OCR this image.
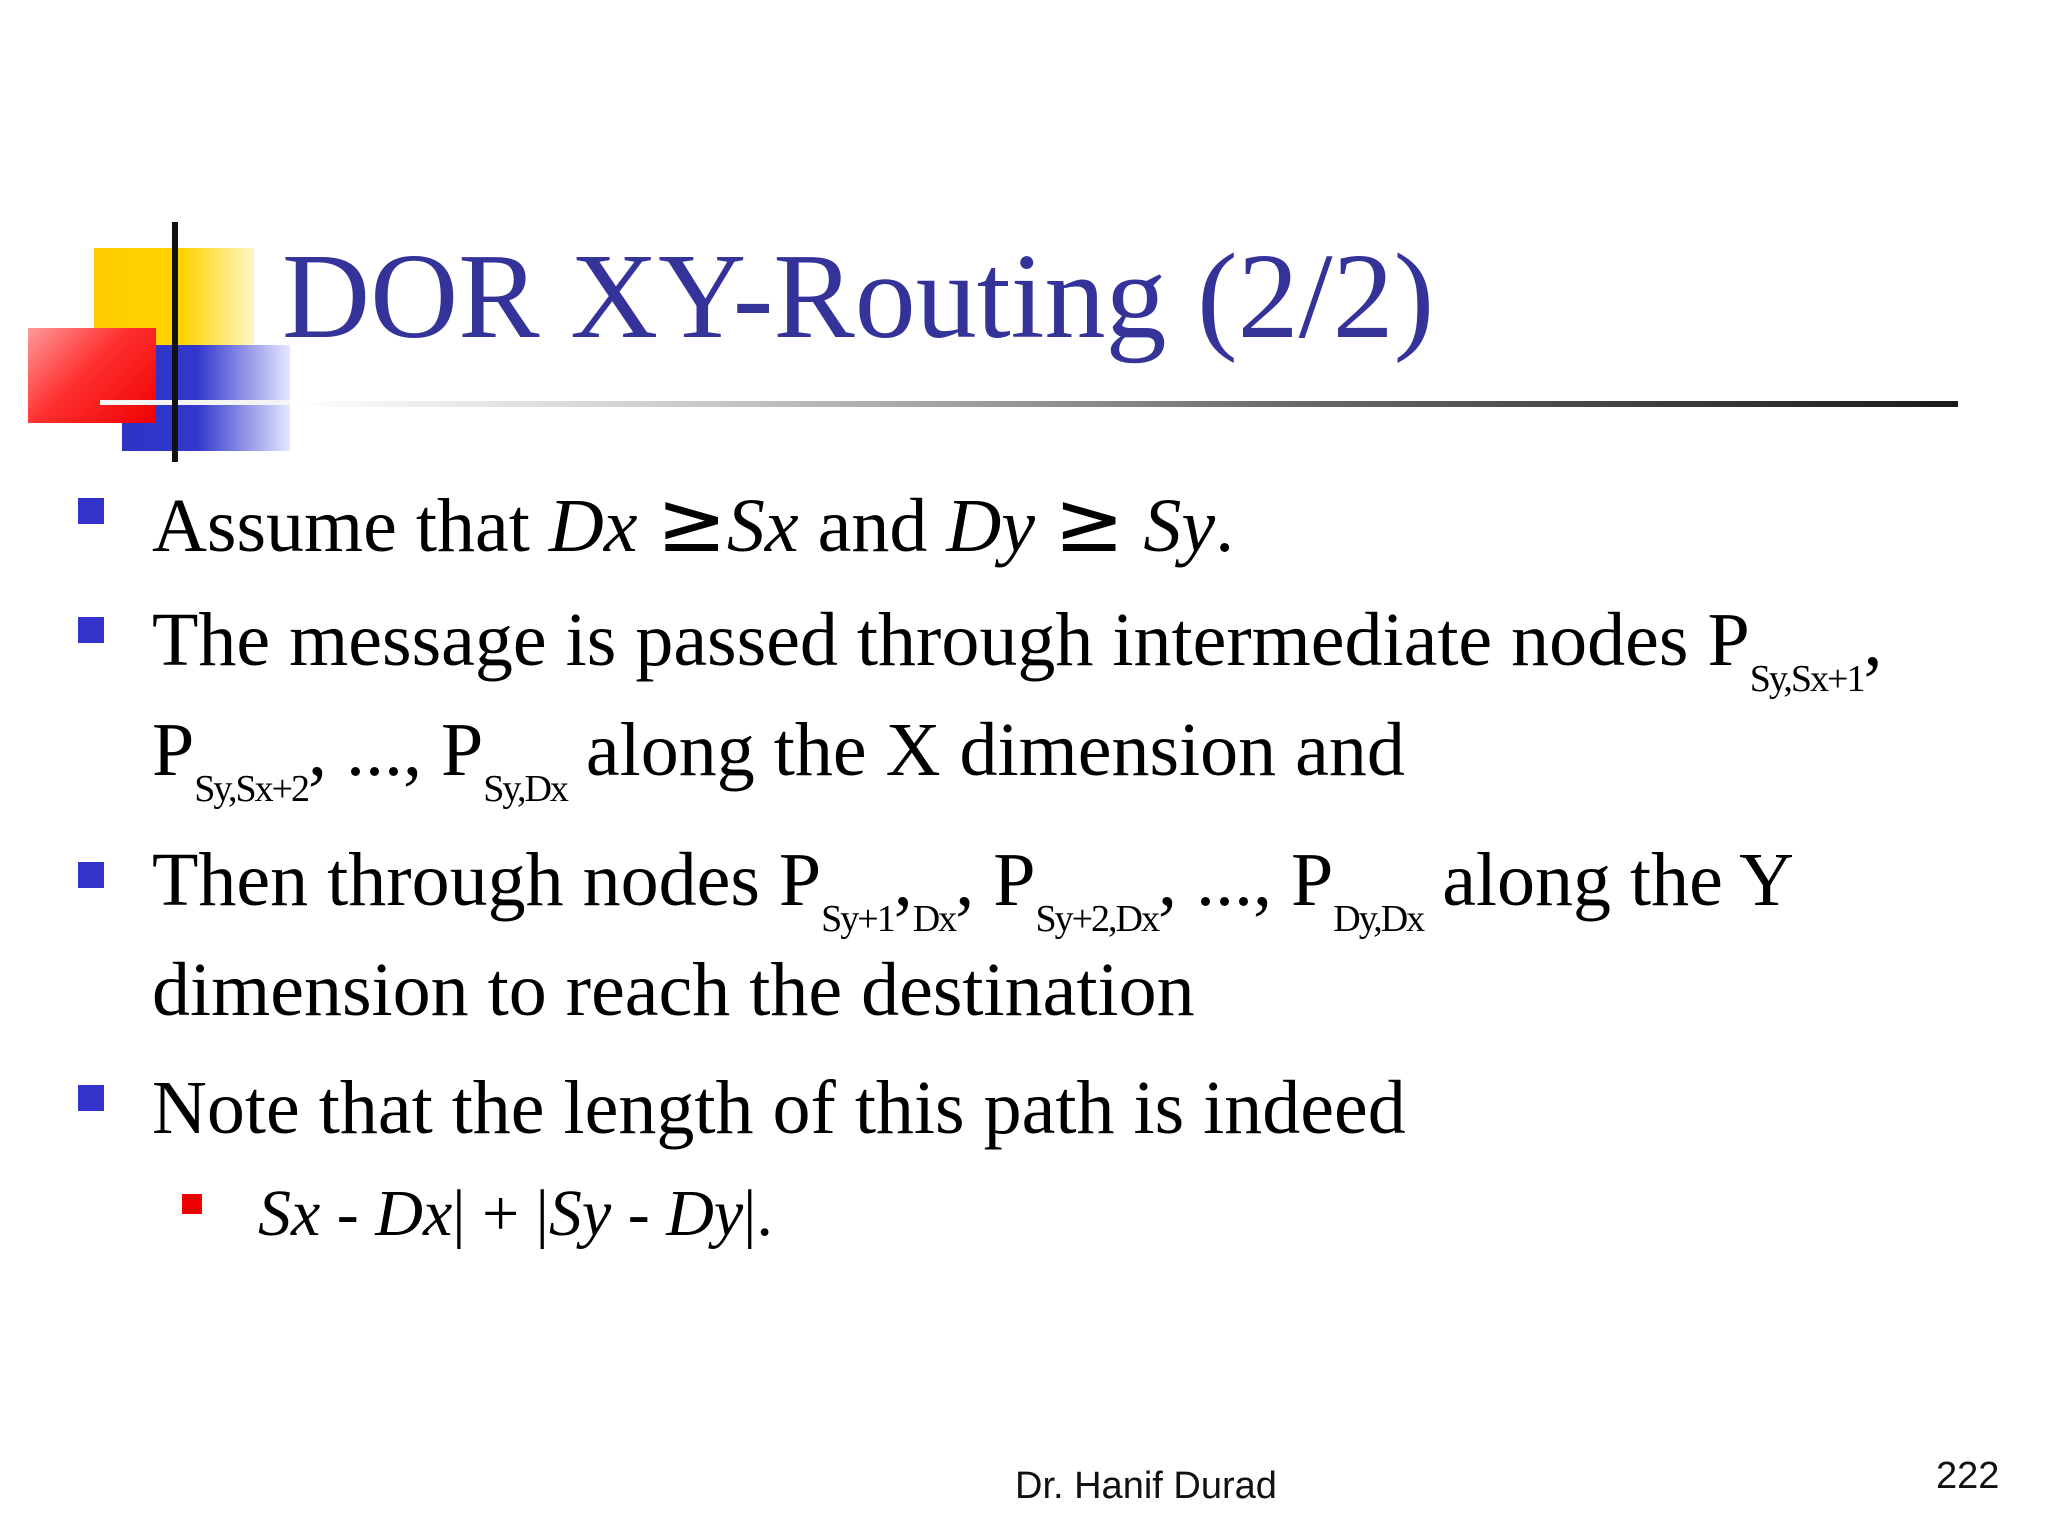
DOR XY-Routing (2/2)
Assume that Dx ≥Sx and Dy ≥ Sy.
The message is passed through intermediate nodes $P_{Sy,Sx+1}$,
$P_{Sy,Sx+2}$, ..., $P_{Sy,Dx}$ along the X dimension and
Then through nodes $P_{Sy+1},_{Dx}$, $P_{Sy+2,Dx}$, ..., $P_{Dy,Dx}$ along the Y
dimension to reach the destination
Note that the length of this path is indeed
Sx - Dx| + |Sy - Dy|.
Dr. Hanif Durad	222
